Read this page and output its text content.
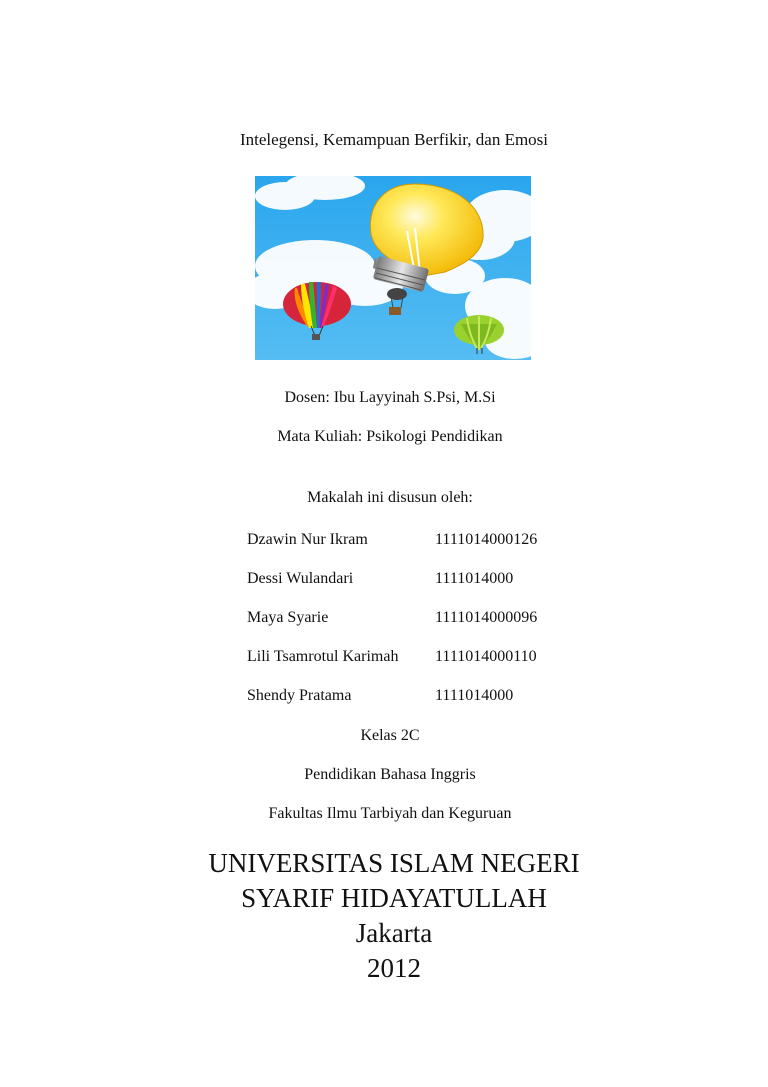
Intelegensi, Kemampuan Berfikir, dan Emosi
Dosen: Ibu Layyinah S.Psi, M.Si
Mata Kuliah: Psikologi Pendidikan
Makalah ini disusun oleh:
Dzawin Nur Ikram	1111014000126
Dessi Wulandari	1111014000
Maya Syarie	1111014000096
Lili Tsamrotul Karimah 1111014000110
Shendy Pratama	1111014000
Kelas 2C
Pendidikan Bahasa Inggris
Fakultas Ilmu Tarbiyah dan Keguruan
UNIVERSITAS ISLAM NEGERI
SYARIF HIDAYATULLAH
Jakarta
2012
